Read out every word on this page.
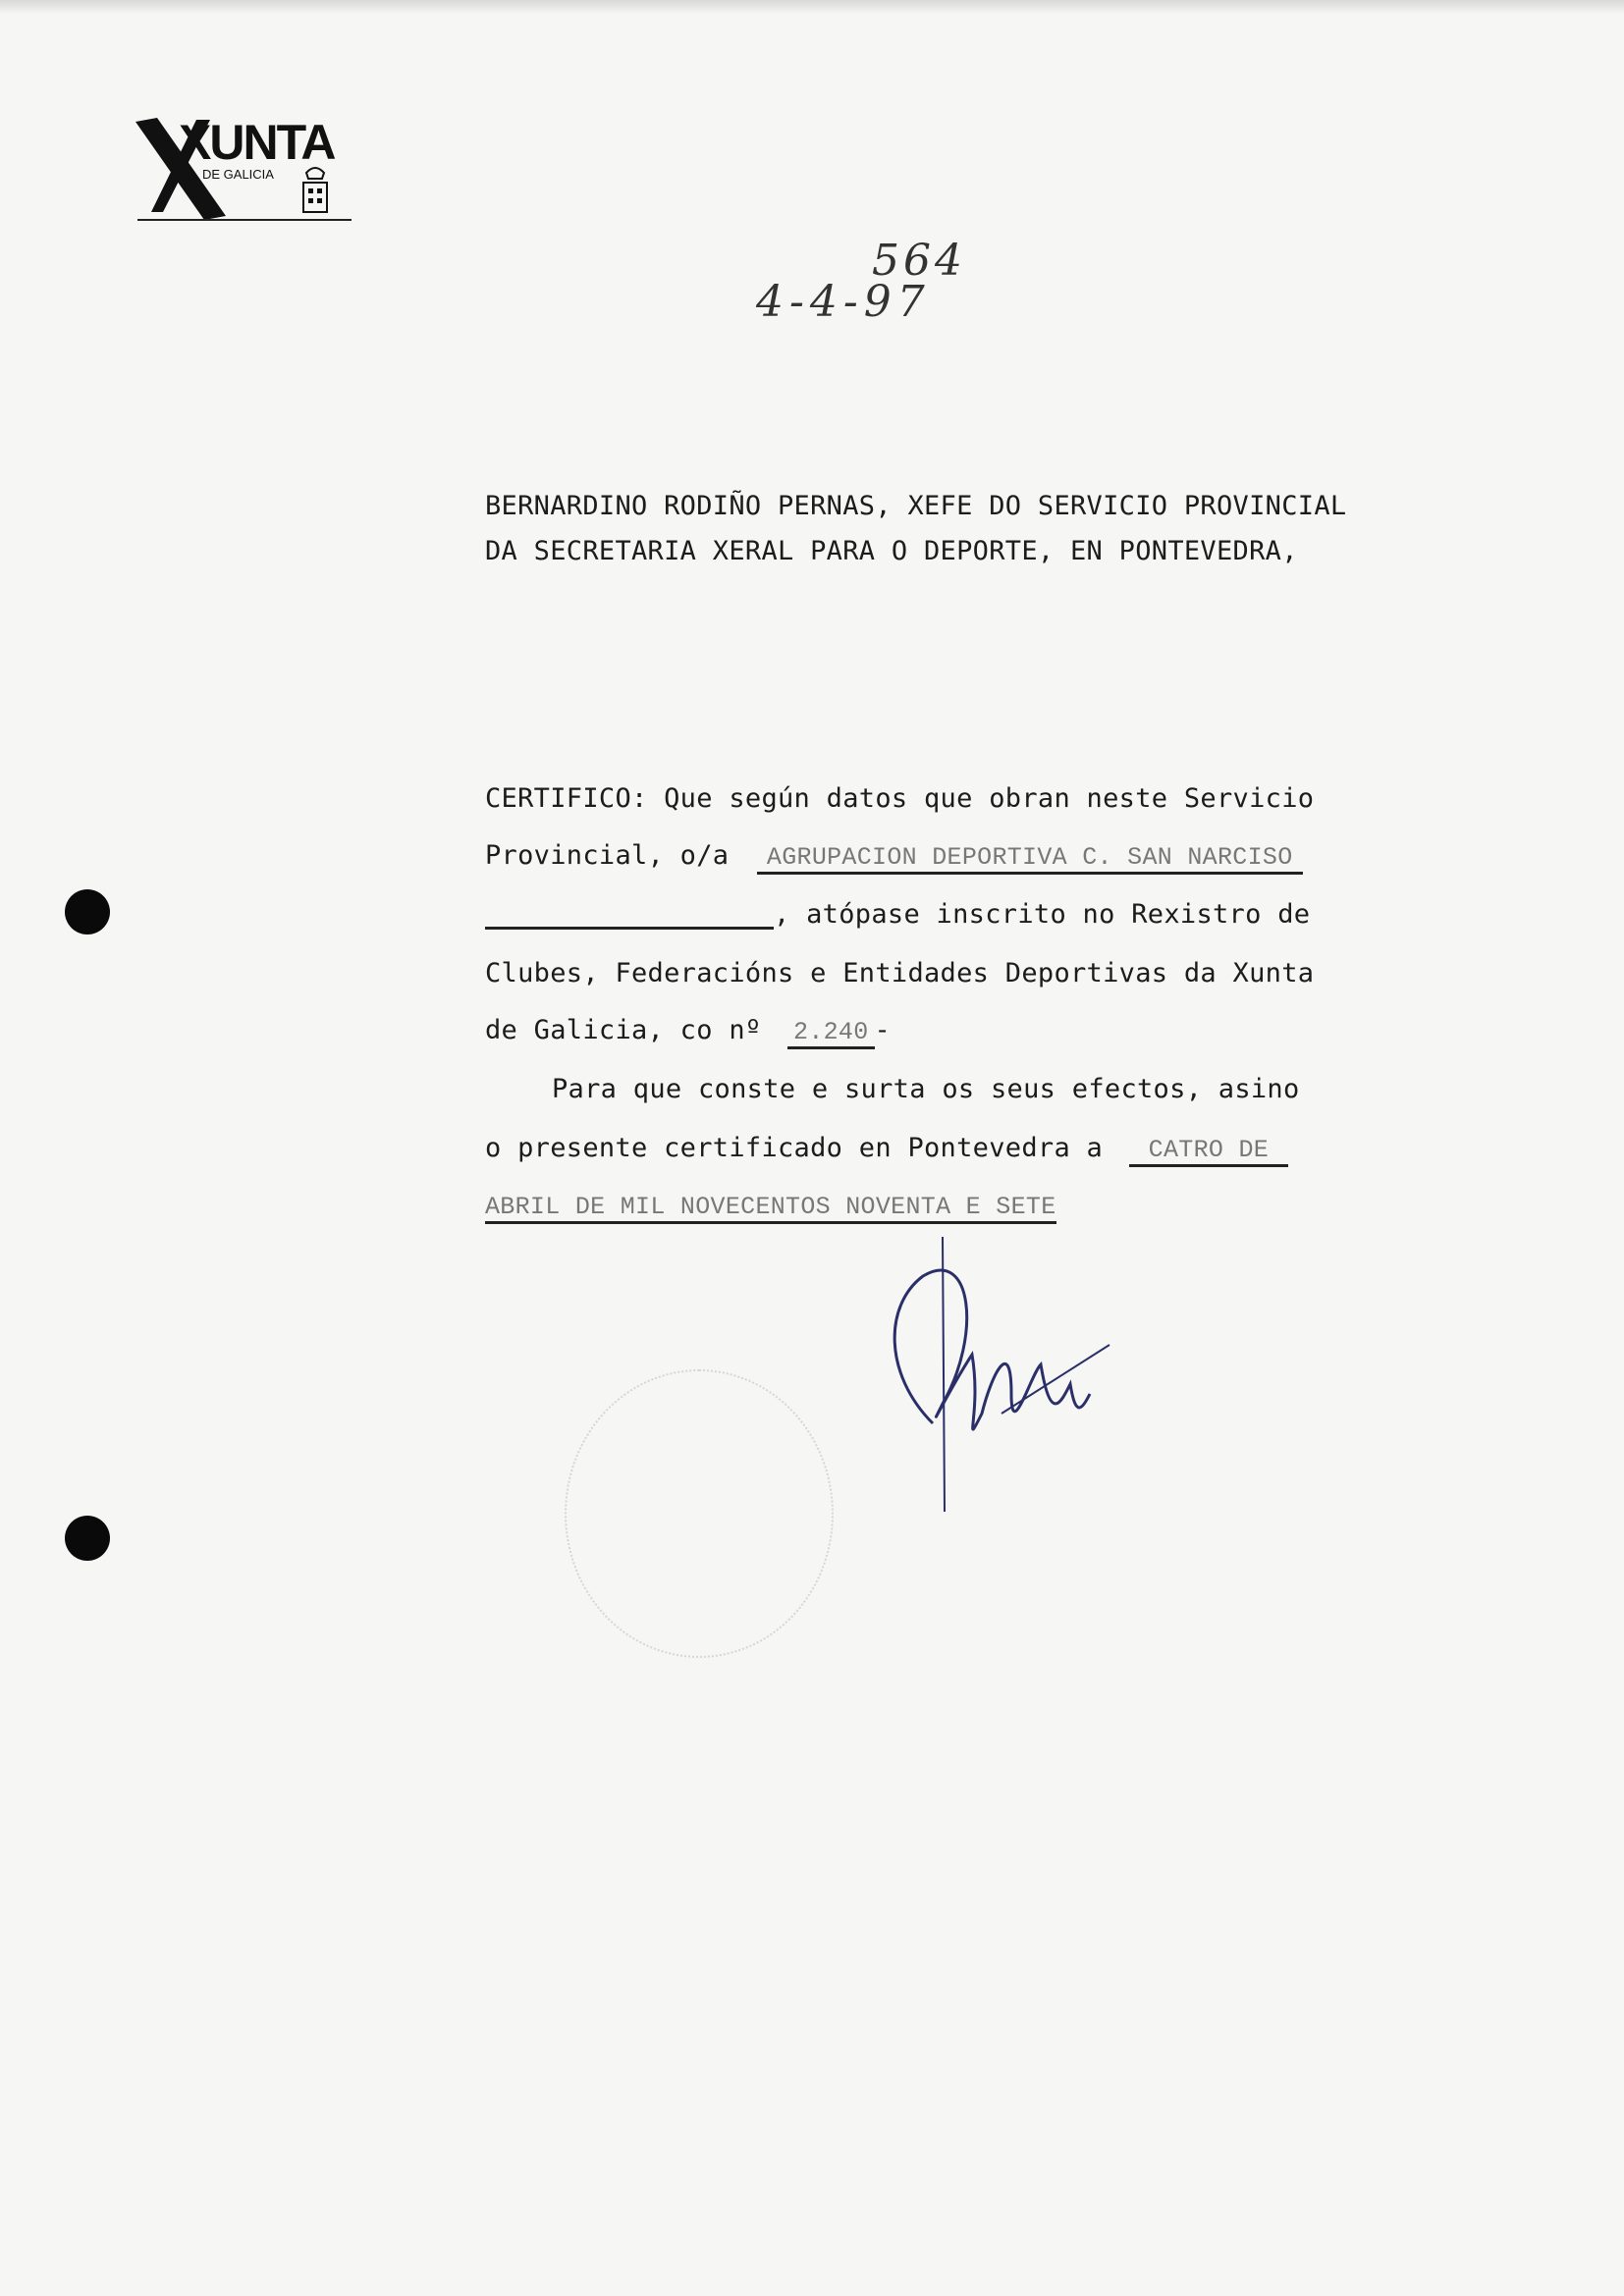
XUNTA
DE GALICIA
564
4-4-97
BERNARDINO RODIÑO PERNAS, XEFE DO SERVICIO PROVINCIAL
DA SECRETARIA XERAL PARA O DEPORTE, EN PONTEVEDRA,
CERTIFICO: Que según datos que obran neste Servicio
Provincial, o/a AGRUPACION DEPORTIVA C. SAN NARCISO
, atópase inscrito no Rexistro de
Clubes, Federacións e Entidades Deportivas da Xunta
de Galicia, co nº 2.240 -
Para que conste e surta os seus efectos, asino
o presente certificado en Pontevedra a CATRO DE
ABRIL DE MIL NOVECENTOS NOVENTA E SETE
